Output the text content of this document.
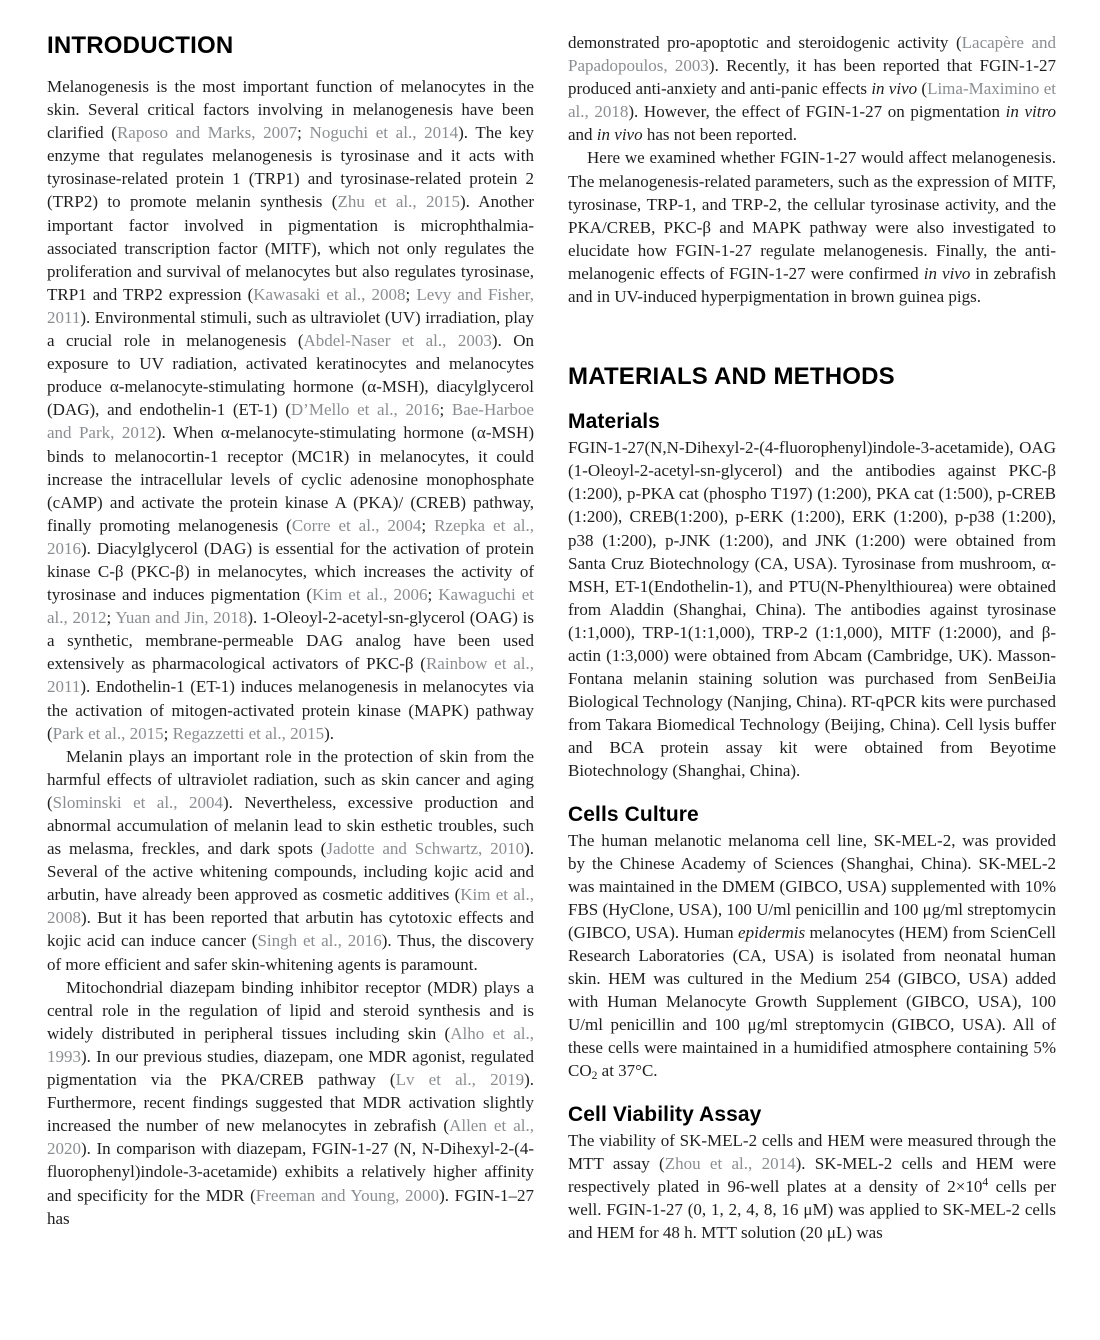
INTRODUCTION

Melanogenesis is the most important function of melanocytes in the skin. Several critical factors involving in melanogenesis have been clarified (Raposo and Marks, 2007; Noguchi et al., 2014). The key enzyme that regulates melanogenesis is tyrosinase and it acts with tyrosinase-related protein 1 (TRP1) and tyrosinase-related protein 2 (TRP2) to promote melanin synthesis (Zhu et al., 2015). Another important factor involved in pigmentation is microphthalmia-associated transcription factor (MITF), which not only regulates the proliferation and survival of melanocytes but also regulates tyrosinase, TRP1 and TRP2 expression (Kawasaki et al., 2008; Levy and Fisher, 2011). Environmental stimuli, such as ultraviolet (UV) irradiation, play a crucial role in melanogenesis (Abdel-Naser et al., 2003). On exposure to UV radiation, activated keratinocytes and melanocytes produce α-melanocyte-stimulating hormone (α-MSH), diacylglycerol (DAG), and endothelin-1 (ET-1) (D’Mello et al., 2016; Bae-Harboe and Park, 2012). When α-melanocyte-stimulating hormone (α-MSH) binds to melanocortin-1 receptor (MC1R) in melanocytes, it could increase the intracellular levels of cyclic adenosine monophosphate (cAMP) and activate the protein kinase A (PKA)/ (CREB) pathway, finally promoting melanogenesis (Corre et al., 2004; Rzepka et al., 2016). Diacylglycerol (DAG) is essential for the activation of protein kinase C-β (PKC-β) in melanocytes, which increases the activity of tyrosinase and induces pigmentation (Kim et al., 2006; Kawaguchi et al., 2012; Yuan and Jin, 2018). 1-Oleoyl-2-acetyl-sn-glycerol (OAG) is a synthetic, membrane-permeable DAG analog have been used extensively as pharmacological activators of PKC-β (Rainbow et al., 2011). Endothelin-1 (ET-1) induces melanogenesis in melanocytes via the activation of mitogen-activated protein kinase (MAPK) pathway (Park et al., 2015; Regazzetti et al., 2015).

Melanin plays an important role in the protection of skin from the harmful effects of ultraviolet radiation, such as skin cancer and aging (Slominski et al., 2004). Nevertheless, excessive production and abnormal accumulation of melanin lead to skin esthetic troubles, such as melasma, freckles, and dark spots (Jadotte and Schwartz, 2010). Several of the active whitening compounds, including kojic acid and arbutin, have already been approved as cosmetic additives (Kim et al., 2008). But it has been reported that arbutin has cytotoxic effects and kojic acid can induce cancer (Singh et al., 2016). Thus, the discovery of more efficient and safer skin-whitening agents is paramount.

Mitochondrial diazepam binding inhibitor receptor (MDR) plays a central role in the regulation of lipid and steroid synthesis and is widely distributed in peripheral tissues including skin (Alho et al., 1993). In our previous studies, diazepam, one MDR agonist, regulated pigmentation via the PKA/CREB pathway (Lv et al., 2019). Furthermore, recent findings suggested that MDR activation slightly increased the number of new melanocytes in zebrafish (Allen et al., 2020). In comparison with diazepam, FGIN-1-27 (N, N-Dihexyl-2-(4-fluorophenyl)indole-3-acetamide) exhibits a relatively higher affinity and specificity for the MDR (Freeman and Young, 2000). FGIN-1–27 has

demonstrated pro-apoptotic and steroidogenic activity (Lacapère and Papadopoulos, 2003). Recently, it has been reported that FGIN-1-27 produced anti-anxiety and anti-panic effects in vivo (Lima-Maximino et al., 2018). However, the effect of FGIN-1-27 on pigmentation in vitro and in vivo has not been reported.

Here we examined whether FGIN-1-27 would affect melanogenesis. The melanogenesis-related parameters, such as the expression of MITF, tyrosinase, TRP-1, and TRP-2, the cellular tyrosinase activity, and the PKA/CREB, PKC-β and MAPK pathway were also investigated to elucidate how FGIN-1-27 regulate melanogenesis. Finally, the anti-melanogenic effects of FGIN-1-27 were confirmed in vivo in zebrafish and in UV-induced hyperpigmentation in brown guinea pigs.

MATERIALS AND METHODS
Materials

FGIN-1-27(N,N-Dihexyl-2-(4-fluorophenyl)indole-3-acetamide), OAG (1-Oleoyl-2-acetyl-sn-glycerol) and the antibodies against PKC-β (1:200), p-PKA cat (phospho T197) (1:200), PKA cat (1:500), p-CREB (1:200), CREB(1:200), p-ERK (1:200), ERK (1:200), p-p38 (1:200), p38 (1:200), p-JNK (1:200), and JNK (1:200) were obtained from Santa Cruz Biotechnology (CA, USA). Tyrosinase from mushroom, α-MSH, ET-1(Endothelin-1), and PTU(N-Phenylthiourea) were obtained from Aladdin (Shanghai, China). The antibodies against tyrosinase (1:1,000), TRP-1(1:1,000), TRP-2 (1:1,000), MITF (1:2000), and β-actin (1:3,000) were obtained from Abcam (Cambridge, UK). Masson-Fontana melanin staining solution was purchased from SenBeiJia Biological Technology (Nanjing, China). RT-qPCR kits were purchased from Takara Biomedical Technology (Beijing, China). Cell lysis buffer and BCA protein assay kit were obtained from Beyotime Biotechnology (Shanghai, China).

Cells Culture

The human melanotic melanoma cell line, SK-MEL-2, was provided by the Chinese Academy of Sciences (Shanghai, China). SK-MEL-2 was maintained in the DMEM (GIBCO, USA) supplemented with 10% FBS (HyClone, USA), 100 U/ml penicillin and 100 μg/ml streptomycin (GIBCO, USA). Human epidermis melanocytes (HEM) from ScienCell Research Laboratories (CA, USA) is isolated from neonatal human skin. HEM was cultured in the Medium 254 (GIBCO, USA) added with Human Melanocyte Growth Supplement (GIBCO, USA), 100 U/ml penicillin and 100 μg/ml streptomycin (GIBCO, USA). All of these cells were maintained in a humidified atmosphere containing 5% $CO_2$ at 37°C.

Cell Viability Assay

The viability of SK-MEL-2 cells and HEM were measured through the MTT assay (Zhou et al., 2014). SK-MEL-2 cells and HEM were respectively plated in 96-well plates at a density of $2\times 10^4$ cells per well. FGIN-1-27 (0, 1, 2, 4, 8, 16 μM) was applied to SK-MEL-2 cells and HEM for 48 h. MTT solution (20 μL) was
